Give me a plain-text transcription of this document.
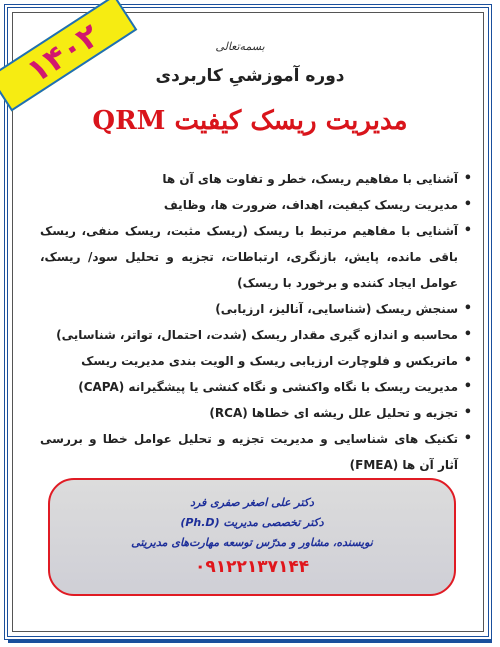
۱۴۰۲	بسمه‌تعالی
دوره آموزشیِ کاربردی
مدیریت ریسک کیفیت QRM
• آشنایی با مفاهیم ریسک، خطر و تفاوت های آن ها
• مدیریت ریسک کیفیت، اهداف، ضرورت ها، وظایف
• آشنایی با مفاهیم مرتبط با ریسک (ریسک مثبت، ریسک منفی، ریسک باقی مانده، پایش، بازنگری، ارتباطات، تجزیه و تحلیل سود/ ریسک، عوامل ایجاد کننده و برخورد با ریسک)
• سنجش ریسک (شناسایی، آنالیز، ارزیابی)
• محاسبه و اندازه گیری مقدار ریسک (شدت، احتمال، تواتر، شناسایی)
• ماتریکس و فلوچارت ارزیابی ریسک و الویت بندی مدیریت ریسک
• مدیریت ریسک با نگاه واکنشی و نگاه کنشی یا پیشگیرانه (CAPA)
• تجزیه و تحلیل علل ریشه ای خطاها (RCA)
• تکنیک های شناسایی و مدیریت تجزیه و تحلیل عوامل خطا و بررسی آثار آن ها (FMEA)
دکتر علی اصغر صفری فرد
دکتر تخصصی مدیریت (Ph.D)
نویسنده، مشاور و مدرّس توسعه مهارت‌های مدیریتی
۰۹۱۲۲۱۳۷۱۴۴
